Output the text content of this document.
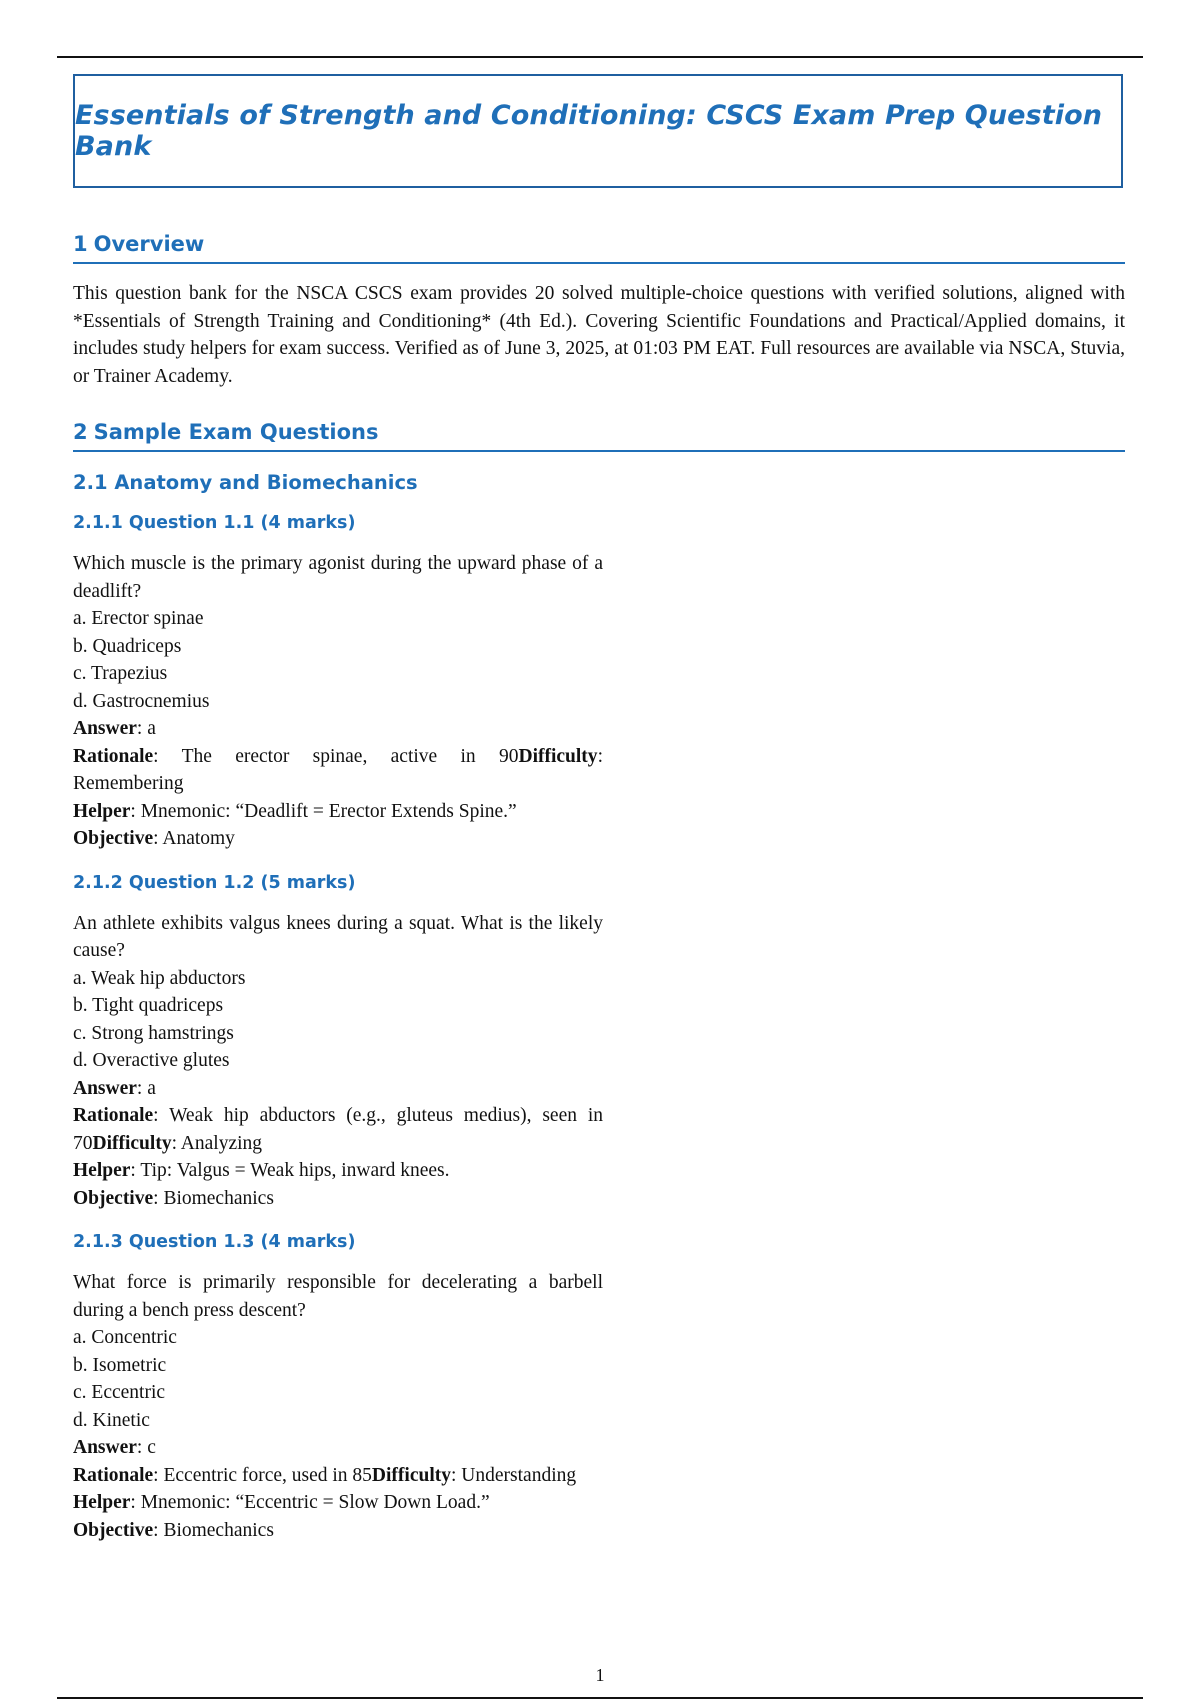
Essentials of Strength and Conditioning: CSCS Exam Prep Question Bank
1 Overview

This question bank for the NSCA CSCS exam provides 20 solved multiple-choice questions with verified solutions, aligned with *Essentials of Strength Training and Conditioning* (4th Ed.). Covering Scientific Foundations and Practical/Applied domains, it includes study helpers for exam success. Verified as of June 3, 2025, at 01:03 PM EAT. Full resources are available via NSCA, Stuvia, or Trainer Academy.

2 Sample Exam Questions
2.1 Anatomy and Biomechanics
2.1.1 Question 1.1 (4 marks)

Which muscle is the primary agonist during the upward phase of a deadlift?

a. Erector spinae

b. Quadriceps

c. Trapezius

d. Gastrocnemius

Answer: a

Rationale: The erector spinae, active in 90Difficulty: Remembering

Helper: Mnemonic: “Deadlift = Erector Extends Spine.”

Objective: Anatomy

2.1.2 Question 1.2 (5 marks)

An athlete exhibits valgus knees during a squat. What is the likely cause?

a. Weak hip abductors

b. Tight quadriceps

c. Strong hamstrings

d. Overactive glutes

Answer: a

Rationale: Weak hip abductors (e.g., gluteus medius), seen in 70Difficulty: Analyzing

Helper: Tip: Valgus = Weak hips, inward knees.

Objective: Biomechanics

2.1.3 Question 1.3 (4 marks)

What force is primarily responsible for decelerating a barbell during a bench press descent?

a. Concentric

b. Isometric

c. Eccentric

d. Kinetic

Answer: c

Rationale: Eccentric force, used in 85Difficulty: Understanding

Helper: Mnemonic: “Eccentric = Slow Down Load.”

Objective: Biomechanics

1
